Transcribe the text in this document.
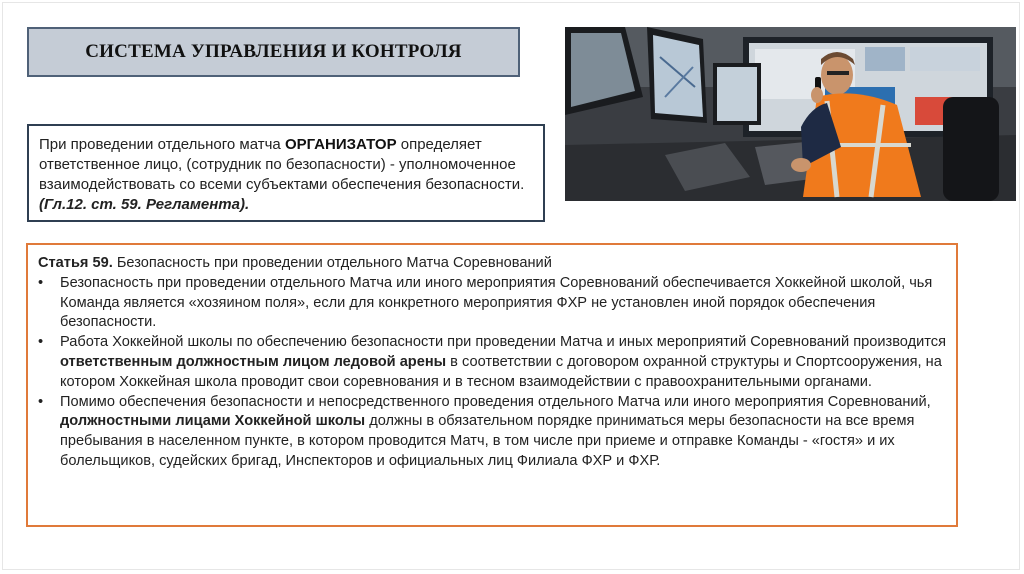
СИСТЕМА УПРАВЛЕНИЯ И КОНТРОЛЯ
При проведении отдельного матча ОРГАНИЗАТОР определяет ответственное лицо, (сотрудник по безопасности) - уполномоченное взаимодействовать со всеми субъектами обеспечения безопасности. (Гл.12. ст. 59. Регламента).
Статья 59. Безопасность при проведении отдельного Матча Соревнований
•	Безопасность при проведении отдельного Матча или иного мероприятия Соревнований обеспечивается Хоккейной школой, чья Команда является «хозяином поля», если для конкретного мероприятия ФХР не установлен иной порядок обеспечения безопасности.
•	Работа Хоккейной школы по обеспечению безопасности при проведении Матча и иных мероприятий Соревнований производится ответственным должностным лицом ледовой арены в соответствии с договором охранной структуры и Спортсооружения, на котором Хоккейная школа проводит свои соревнования и в тесном взаимодействии с правоохранительными органами.
•	Помимо обеспечения безопасности и непосредственного проведения отдельного Матча или иного мероприятия Соревнований, должностными лицами Хоккейной школы должны в обязательном порядке приниматься меры безопасности на все время пребывания в населенном пункте, в котором проводится Матч, в том числе при приеме и отправке Команды - «гостя» и их болельщиков, судейских бригад, Инспекторов и официальных лиц Филиала ФХР и ФХР.
